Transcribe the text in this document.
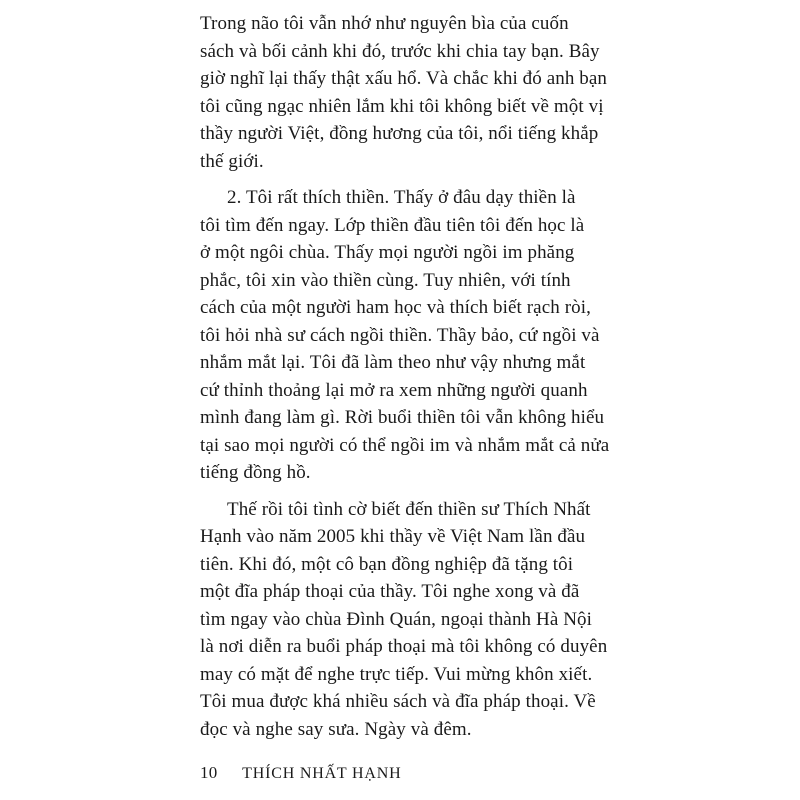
Trong não tôi vẫn nhớ như nguyên bìa của cuốn
sách và bối cảnh khi đó, trước khi chia tay bạn. Bây
giờ nghĩ lại thấy thật xấu hổ. Và chắc khi đó anh bạn
tôi cũng ngạc nhiên lắm khi tôi không biết về một vị
thầy người Việt, đồng hương của tôi, nổi tiếng khắp
thế giới.
2. Tôi rất thích thiền. Thấy ở đâu dạy thiền là
tôi tìm đến ngay. Lớp thiền đầu tiên tôi đến học là
ở một ngôi chùa. Thấy mọi người ngồi im phăng
phắc, tôi xin vào thiền cùng. Tuy nhiên, với tính
cách của một người ham học và thích biết rạch ròi,
tôi hỏi nhà sư cách ngồi thiền. Thầy bảo, cứ ngồi và
nhắm mắt lại. Tôi đã làm theo như vậy nhưng mắt
cứ thỉnh thoảng lại mở ra xem những người quanh
mình đang làm gì. Rời buổi thiền tôi vẫn không hiểu
tại sao mọi người có thể ngồi im và nhắm mắt cả nửa
tiếng đồng hồ.
Thế rồi tôi tình cờ biết đến thiền sư Thích Nhất
Hạnh vào năm 2005 khi thầy về Việt Nam lần đầu
tiên. Khi đó, một cô bạn đồng nghiệp đã tặng tôi
một đĩa pháp thoại của thầy. Tôi nghe xong và đã
tìm ngay vào chùa Đình Quán, ngoại thành Hà Nội
là nơi diễn ra buổi pháp thoại mà tôi không có duyên
may có mặt để nghe trực tiếp. Vui mừng khôn xiết.
Tôi mua được khá nhiều sách và đĩa pháp thoại. Về
đọc và nghe say sưa. Ngày và đêm.
10 THÍCH NHẤT HẠNH
